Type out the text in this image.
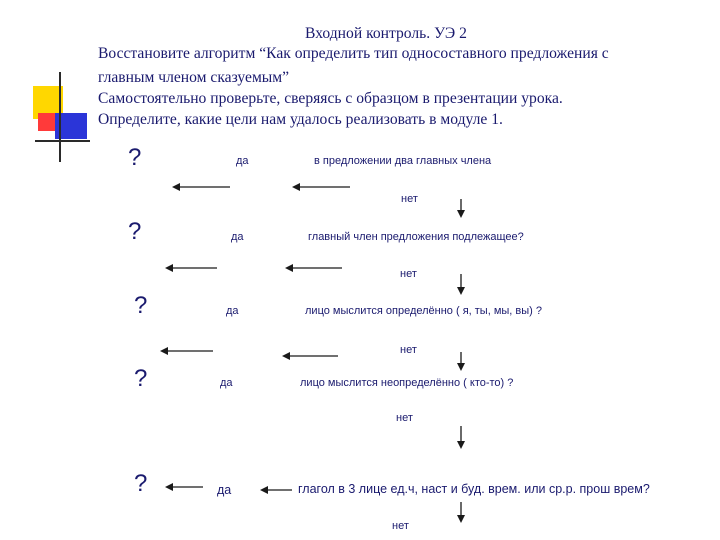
Входной контроль. УЭ 2
Восстановите алгоритм “Как определить тип односоставного предложения с
главным членом сказуемым”
Самостоятельно проверьте, сверяясь с образцом в презентации урока.
Определите, какие цели нам удалось реализовать в модуле 1.
?	да	в предложении два главных члена
нет
?	да	главный член предложения подлежащее?
нет
?	да	лицо мыслится определённо ( я, ты, мы, вы) ?
нет
?	да	лицо мыслится неопределённо ( кто-то) ?
нет
?	да	глагол в 3 лице ед.ч, наст и буд. врем. или ср.р. прош врем?
нет
